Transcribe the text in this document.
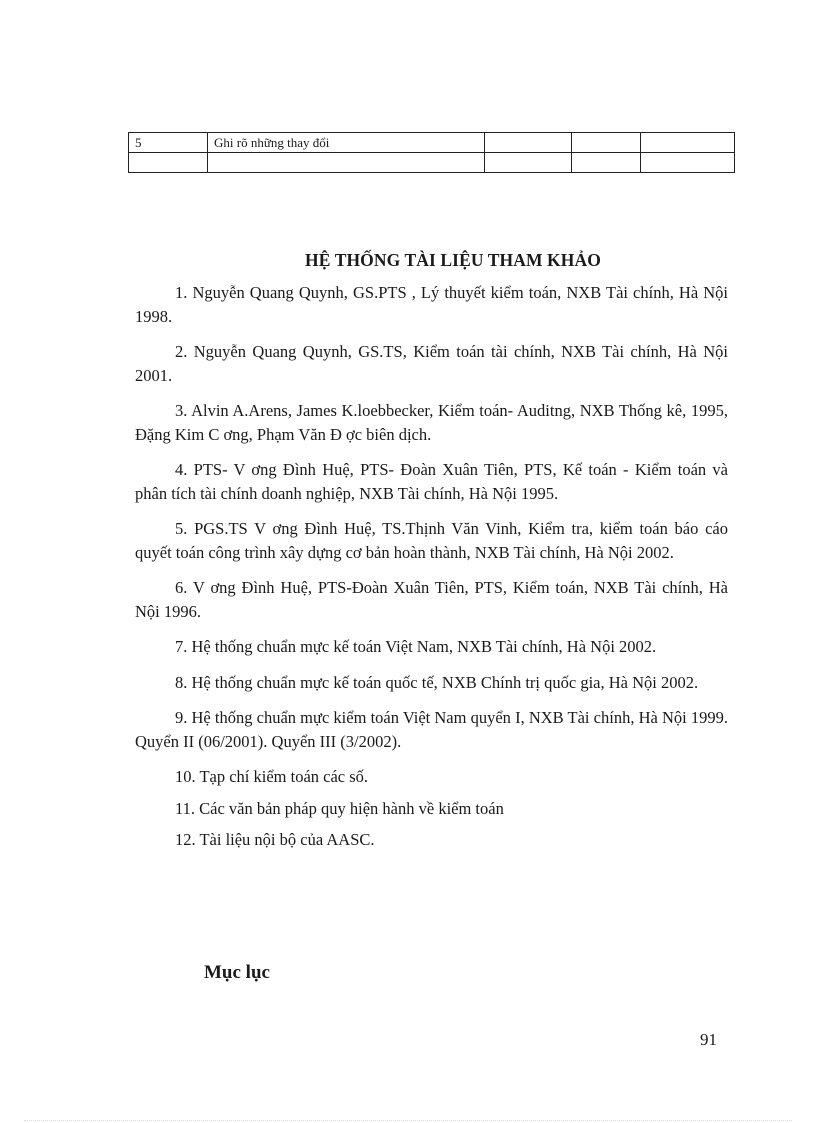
5	Ghi rõ những thay đổi			

HỆ THỐNG TÀI LIỆU THAM KHẢO

1. Nguyễn Quang Quynh, GS.PTS , Lý thuyết kiểm toán, NXB Tài chính, Hà Nội 1998.

2. Nguyễn Quang Quynh, GS.TS, Kiểm toán tài chính, NXB Tài chính, Hà Nội 2001.

3. Alvin A.Arens, James K.loebbecker, Kiểm toán- Auditng, NXB Thống kê, 1995, Đặng Kim C ơng, Phạm Văn Đ ợc biên dịch.

4. PTS- V ơng Đình Huệ, PTS- Đoàn Xuân Tiên, PTS, Kế toán - Kiểm toán và phân tích tài chính doanh nghiệp, NXB Tài chính, Hà Nội 1995.

5. PGS.TS V ơng Đình Huệ, TS.Thịnh Văn Vinh, Kiểm tra, kiểm toán báo cáo quyết toán công trình xây dựng cơ bản hoàn thành, NXB Tài chính, Hà Nội 2002.

6. V ơng Đình Huệ, PTS-Đoàn Xuân Tiên, PTS, Kiểm toán, NXB Tài chính, Hà Nội 1996.

7. Hệ thống chuẩn mực kế toán Việt Nam, NXB Tài chính, Hà Nội 2002.

8. Hệ thống chuẩn mực kế toán quốc tế, NXB Chính trị quốc gia, Hà Nội 2002.

9. Hệ thống chuẩn mực kiểm toán Việt Nam quyển I, NXB Tài chính, Hà Nội 1999. Quyển II (06/2001). Quyển III (3/2002).

10. Tạp chí kiểm toán các số.

11. Các văn bản pháp quy hiện hành về kiểm toán

12. Tài liệu nội bộ của AASC.

Mục lục
91
